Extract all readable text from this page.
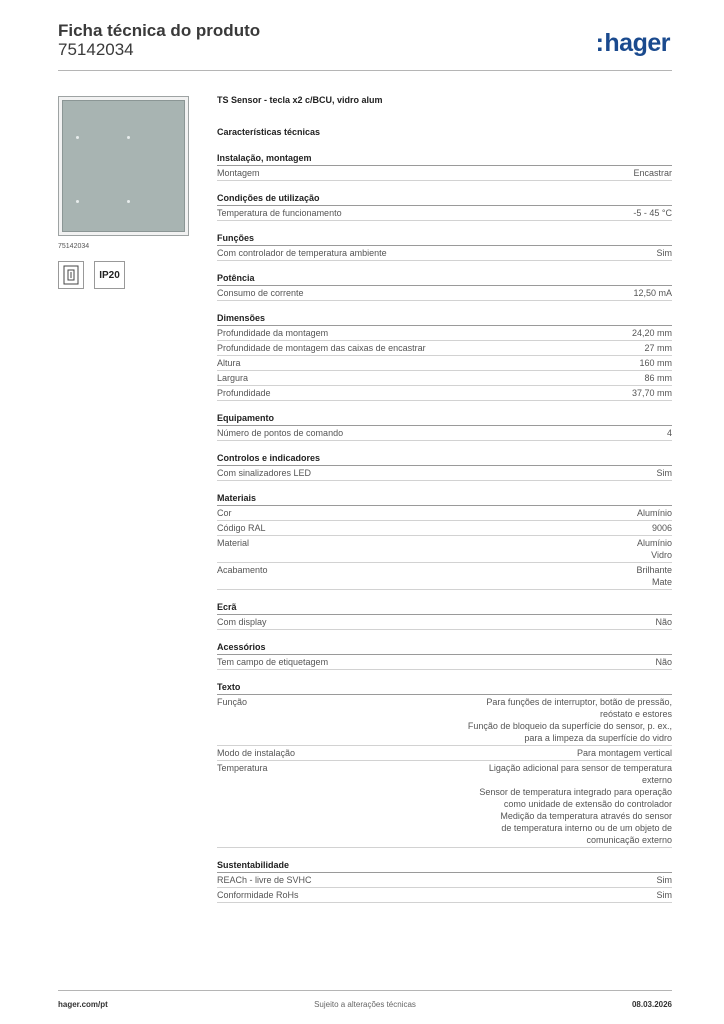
Ficha técnica do produto
75142034	:hager
75142034
IP20
TS Sensor - tecla x2 c/BCU, vidro alum
Características técnicas
Instalação, montagem
Montagem	Encastrar
Condições de utilização
Temperatura de funcionamento	-5 - 45 °C
Funções
Com controlador de temperatura ambiente	Sim
Potência
Consumo de corrente	12,50 mA
Dimensões
Profundidade da montagem	24,20 mm
Profundidade de montagem das caixas de encastrar	27 mm
Altura	160 mm
Largura	86 mm
Profundidade	37,70 mm
Equipamento
Número de pontos de comando	4
Controlos e indicadores
Com sinalizadores LED	Sim
Materiais
Cor	Alumínio
Código RAL	9006
Material	Alumínio
Vidro
Acabamento	Brilhante
Mate
Ecrã
Com display	Não
Acessórios
Tem campo de etiquetagem	Não
Texto
Função	Para funções de interruptor, botão de pressão,
reóstato e estores
Função de bloqueio da superfície do sensor, p. ex.,
para a limpeza da superfície do vidro
Modo de instalação	Para montagem vertical
Temperatura	Ligação adicional para sensor de temperatura
externo
Sensor de temperatura integrado para operação
como unidade de extensão do controlador
Medição da temperatura através do sensor
de temperatura interno ou de um objeto de
comunicação externo
Sustentabilidade
REACh - livre de SVHC	Sim
Conformidade RoHs	Sim
hager.com/pt	Sujeito a alterações técnicas	08.03.2026
